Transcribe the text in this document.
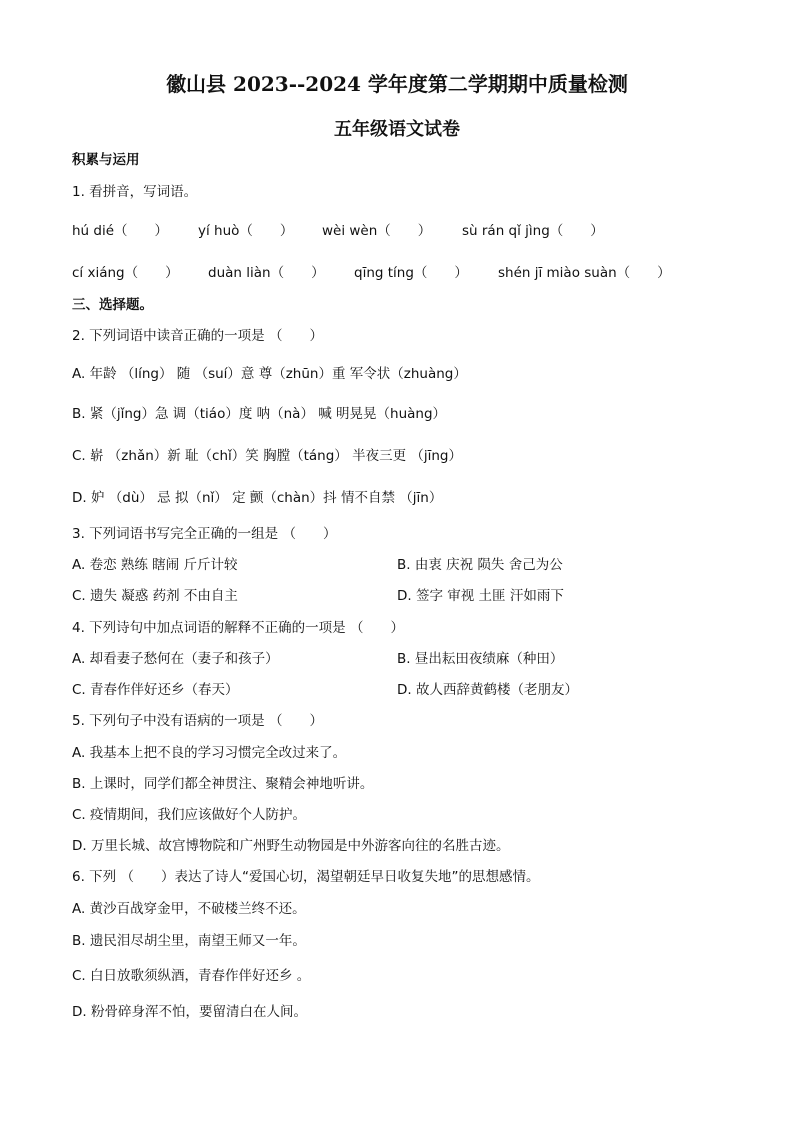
徽山县 2023--2024 学年度第二学期期中质量检测
五年级语文试卷
积累与运用
1. 看拼音，写词语。
hú dié（　　） yí huò（　　） wèi wèn（　　） sù rán qǐ jìng（　　）
cí xiáng（　　） duàn liàn（　　） qīng tíng（　　） shén jī miào suàn（　　）
三、选择题。
2. 下列词语中读音正确的一项是 （　　）
A. 年龄 （líng） 随 （suí）意 尊（zhūn）重 军令状（zhuàng）
B. 紧（jǐng）急 调（tiáo）度 呐（nà） 喊 明晃晃（huàng）
C. 崭 （zhǎn）新 耻（chǐ）笑 胸膛（táng） 半夜三更 （jīng）
D. 妒 （dù） 忌 拟（nǐ） 定 颤（chàn）抖 情不自禁 （jīn）
3. 下列词语书写完全正确的一组是 （　　）
A. 卷恋 熟练 瞎闹 斤斤计较	B. 由衷 庆祝 陨失 舍己为公
C. 遗失 凝惑 药剂 不由自主	D. 签字 审视 土匪 汗如雨下
4. 下列诗句中加点词语的解释不正确的一项是 （　　）
A. 却看妻子愁何在（妻子和孩子）	B. 昼出耘田夜绩麻（种田）
C. 青春作伴好还乡（春天）	D. 故人西辞黄鹤楼（老朋友）
5. 下列句子中没有语病的一项是 （　　）
A. 我基本上把不良的学习习惯完全改过来了。
B. 上课时，同学们都全神贯注、聚精会神地听讲。
C. 疫情期间，我们应该做好个人防护。
D. 万里长城、故宫博物院和广州野生动物园是中外游客向往的名胜古迹。
6. 下列 （　　）表达了诗人“爱国心切，渴望朝廷早日收复失地”的思想感情。
A. 黄沙百战穿金甲，不破楼兰终不还。
B. 遗民泪尽胡尘里，南望王师又一年。
C. 白日放歌须纵酒，青春作伴好还乡 。
D. 粉骨碎身浑不怕，要留清白在人间。
